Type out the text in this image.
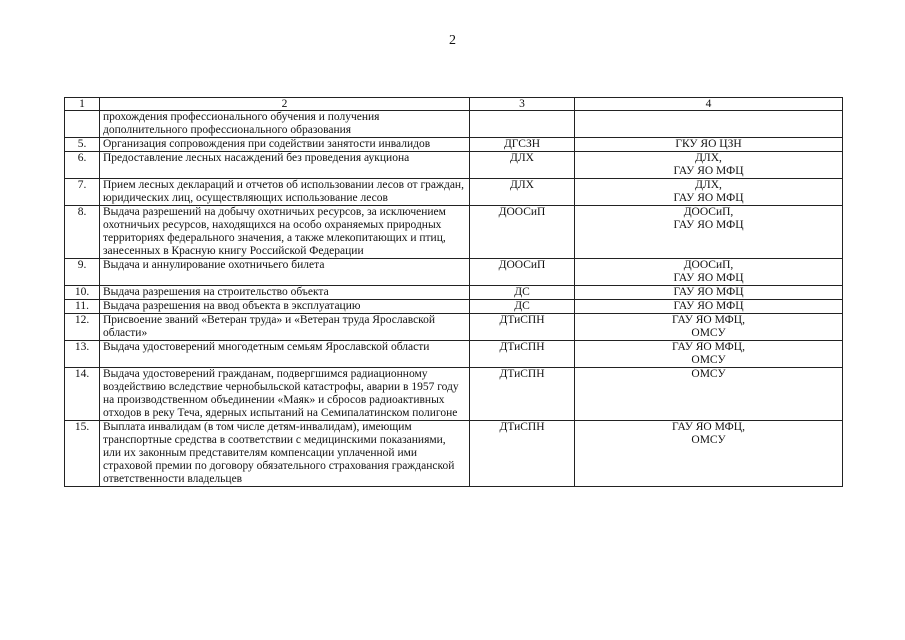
2
1	2	3	4
	прохождения профессионального обучения и получения дополнительного профессионального образования		
5.	Организация сопровождения при содействии занятости инвалидов	ДГСЗН	ГКУ ЯО ЦЗН
6.	Предоставление лесных насаждений без проведения аукциона	ДЛХ	ДЛХ,
ГАУ ЯО МФЦ
7.	Прием лесных деклараций и отчетов об использовании лесов от граждан, юридических лиц, осуществляющих использование лесов	ДЛХ	ДЛХ,
ГАУ ЯО МФЦ
8.	Выдача разрешений на добычу охотничьих ресурсов, за исключением охотничьих ресурсов, находящихся на особо охраняемых природных территориях федерального значения, а также млекопитающих и птиц, занесенных в Красную книгу Российской Федерации	ДООСиП	ДООСиП,
ГАУ ЯО МФЦ
9.	Выдача и аннулирование охотничьего билета	ДООСиП	ДООСиП,
ГАУ ЯО МФЦ
10.	Выдача разрешения на строительство объекта	ДС	ГАУ ЯО МФЦ
11.	Выдача разрешения на ввод объекта в эксплуатацию	ДС	ГАУ ЯО МФЦ
12.	Присвоение званий «Ветеран труда» и «Ветеран труда Ярославской области»	ДТиСПН	ГАУ ЯО МФЦ,
ОМСУ
13.	Выдача удостоверений многодетным семьям Ярославской области	ДТиСПН	ГАУ ЯО МФЦ,
ОМСУ
14.	Выдача удостоверений гражданам, подвергшимся радиационному воздействию вследствие чернобыльской катастрофы, аварии в 1957 году на производственном объединении «Маяк» и сбросов радиоактивных отходов в реку Теча, ядерных испытаний на Семипалатинском полигоне	ДТиСПН	ОМСУ
15.	Выплата инвалидам (в том числе детям-инвалидам), имеющим транспортные средства в соответствии с медицинскими показаниями, или их законным представителям компенсации уплаченной ими страховой премии по договору обязательного страхования гражданской ответственности владельцев	ДТиСПН	ГАУ ЯО МФЦ,
ОМСУ
